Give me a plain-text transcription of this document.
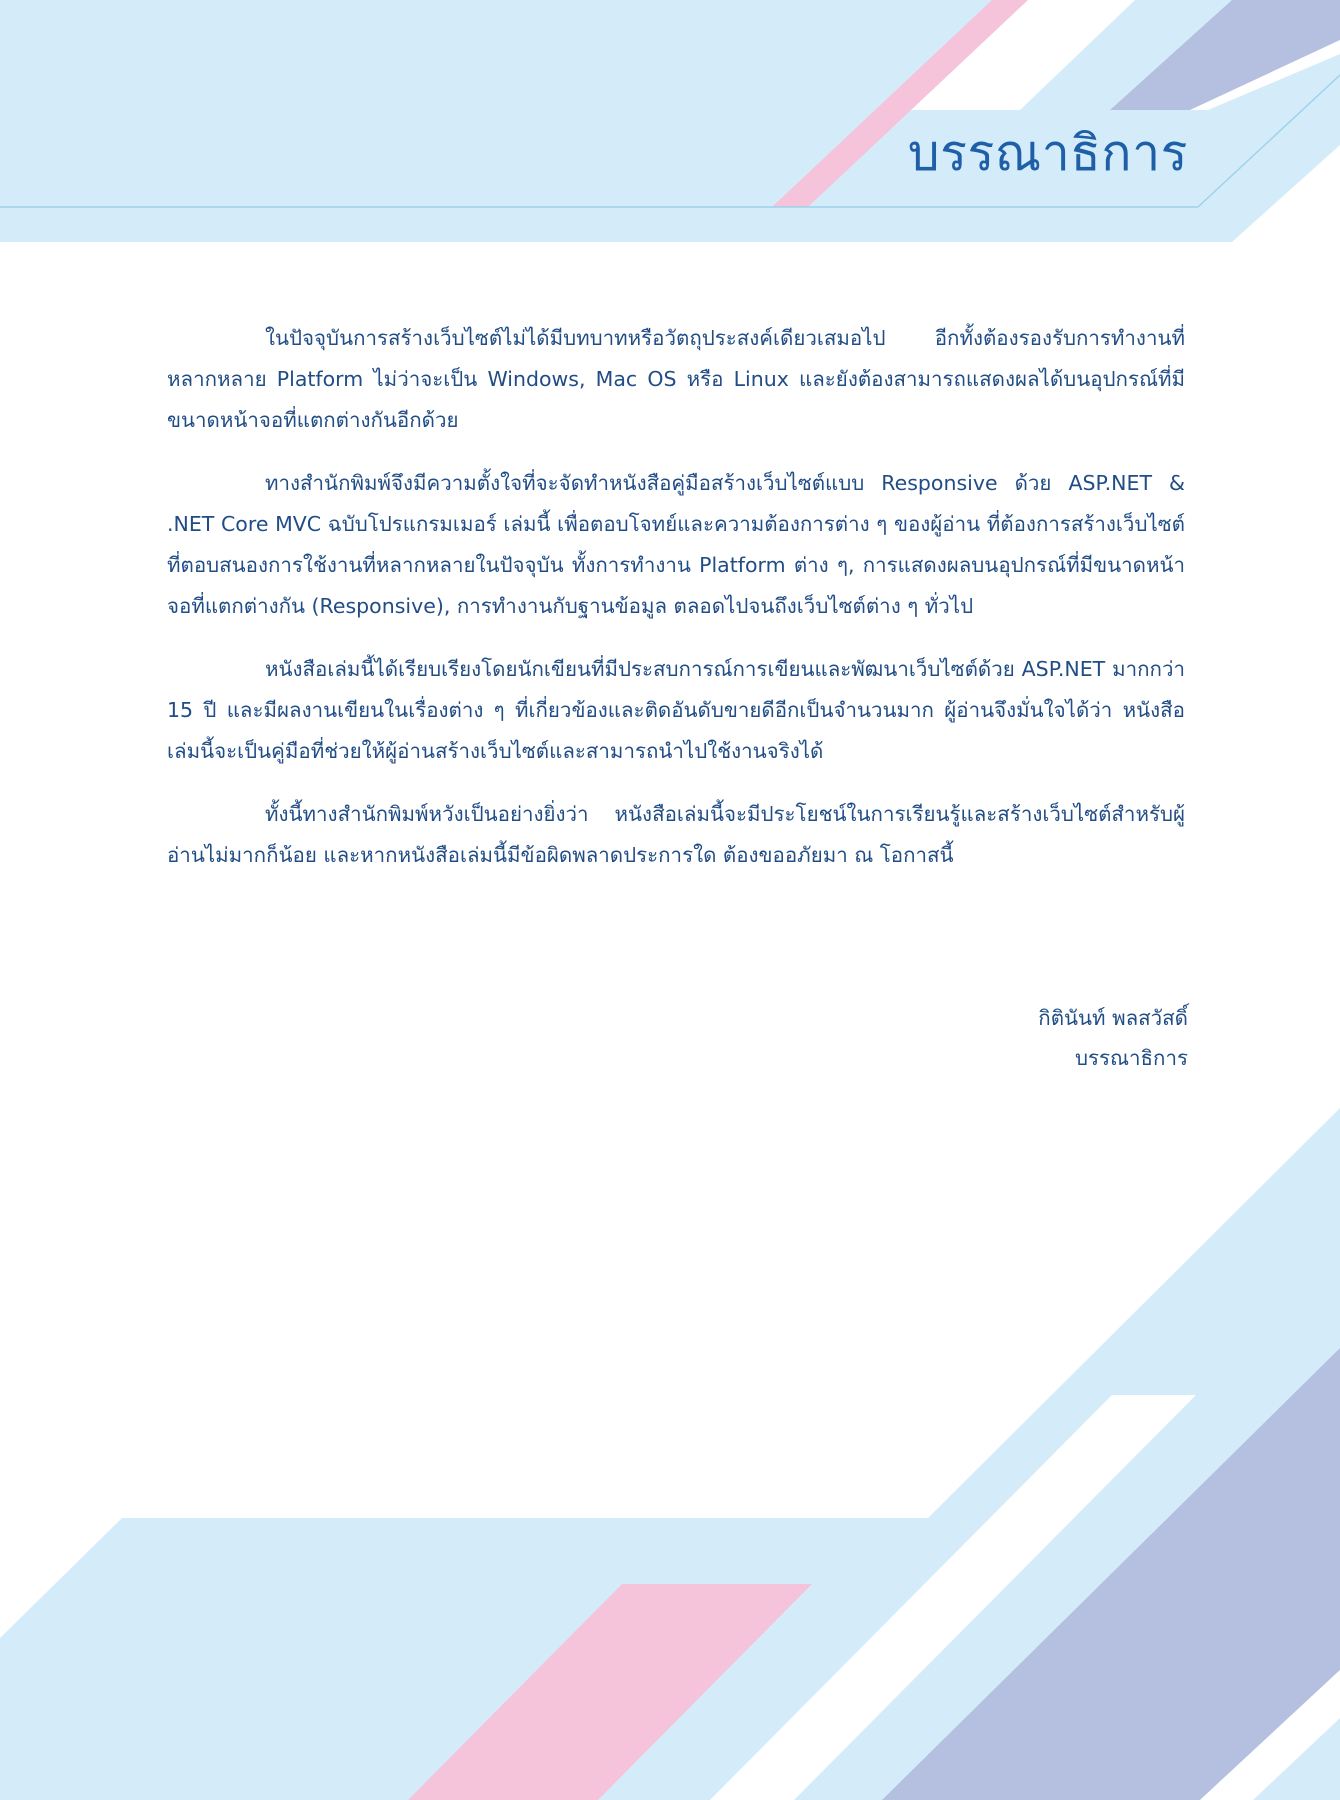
บรรณาธิการ

ในปัจจุบันการสร้างเว็บไซต์ไม่ได้มีบทบาทหรือวัตถุประสงค์เดียวเสมอไป อีกทั้งต้องรองรับการทำงานที่หลากหลาย Platform ไม่ว่าจะเป็น Windows, Mac OS หรือ Linux และยังต้องสามารถแสดงผลได้บนอุปกรณ์ที่มีขนาดหน้าจอที่แตกต่างกันอีกด้วย

ทางสำนักพิมพ์จึงมีความตั้งใจที่จะจัดทำหนังสือคู่มือสร้างเว็บไซต์แบบ Responsive ด้วย ASP.NET & .NET Core MVC ฉบับโปรแกรมเมอร์ เล่มนี้ เพื่อตอบโจทย์และความต้องการต่าง ๆ ของผู้อ่าน ที่ต้องการสร้างเว็บไซต์ที่ตอบสนองการใช้งานที่หลากหลายในปัจจุบัน ทั้งการทำงาน Platform ต่าง ๆ, การแสดงผลบนอุปกรณ์ที่มีขนาดหน้าจอที่แตกต่างกัน (Responsive), การทำงานกับฐานข้อมูล ตลอดไปจนถึงเว็บไซต์ต่าง ๆ ทั่วไป

หนังสือเล่มนี้ได้เรียบเรียงโดยนักเขียนที่มีประสบการณ์การเขียนและพัฒนาเว็บไซต์ด้วย ASP.NET มากกว่า 15 ปี และมีผลงานเขียนในเรื่องต่าง ๆ ที่เกี่ยวข้องและติดอันดับขายดีอีกเป็นจำนวนมาก ผู้อ่านจึงมั่นใจได้ว่า หนังสือเล่มนี้จะเป็นคู่มือที่ช่วยให้ผู้อ่านสร้างเว็บไซต์และสามารถนำไปใช้งานจริงได้

ทั้งนี้ทางสำนักพิมพ์หวังเป็นอย่างยิ่งว่า หนังสือเล่มนี้จะมีประโยชน์ในการเรียนรู้และสร้างเว็บไซต์สำหรับผู้อ่านไม่มากก็น้อย และหากหนังสือเล่มนี้มีข้อผิดพลาดประการใด ต้องขออภัยมา ณ โอกาสนี้

กิตินันท์ พลสวัสดิ์
บรรณาธิการ
